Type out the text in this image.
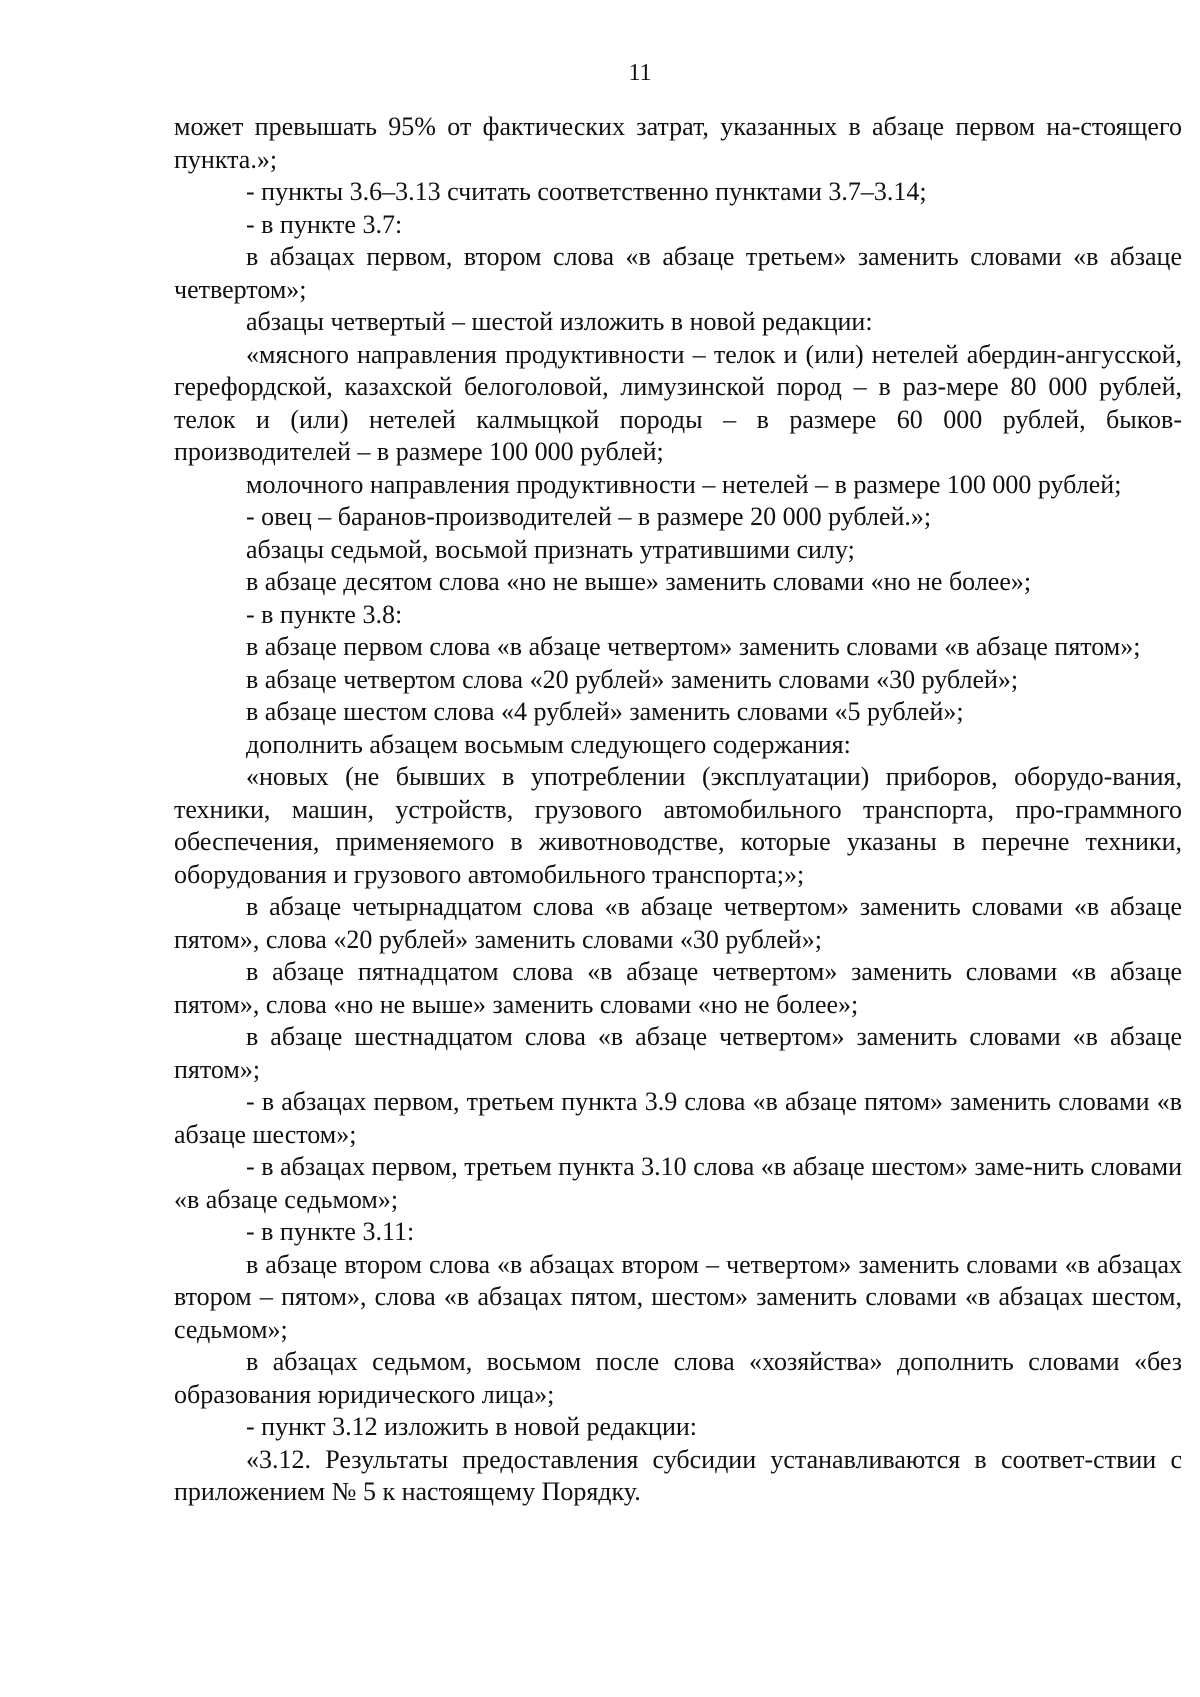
11

может превышать 95% от фактических затрат, указанных в абзаце первом на-стоящего пункта.»;

- пункты 3.6–3.13 считать соответственно пунктами 3.7–3.14;

- в пункте 3.7:

в абзацах первом, втором слова «в абзаце третьем» заменить словами «в абзаце четвертом»;

абзацы четвертый – шестой изложить в новой редакции:

«мясного направления продуктивности – телок и (или) нетелей абердин-ангусской, герефордской, казахской белоголовой, лимузинской пород – в раз-мере 80 000 рублей, телок и (или) нетелей калмыцкой породы – в размере 60 000 рублей, быков-производителей – в размере 100 000 рублей;

молочного направления продуктивности – нетелей – в размере 100 000 рублей;

- овец – баранов-производителей – в размере 20 000 рублей.»;

абзацы седьмой, восьмой признать утратившими силу;

в абзаце десятом слова «но не выше» заменить словами «но не более»;

- в пункте 3.8:

в абзаце первом слова «в абзаце четвертом» заменить словами «в абзаце пятом»;

в абзаце четвертом слова «20 рублей» заменить словами «30 рублей»;

в абзаце шестом слова «4 рублей» заменить словами «5 рублей»;

дополнить абзацем восьмым следующего содержания:

«новых (не бывших в употреблении (эксплуатации) приборов, оборудо-вания, техники, машин, устройств, грузового автомобильного транспорта, про-граммного обеспечения, применяемого в животноводстве, которые указаны в перечне техники, оборудования и грузового автомобильного транспорта;»;

в абзаце четырнадцатом слова «в абзаце четвертом» заменить словами «в абзаце пятом», слова «20 рублей» заменить словами «30 рублей»;

в абзаце пятнадцатом слова «в абзаце четвертом» заменить словами «в абзаце пятом», слова «но не выше» заменить словами «но не более»;

в абзаце шестнадцатом слова «в абзаце четвертом» заменить словами «в абзаце пятом»;

- в абзацах первом, третьем пункта 3.9 слова «в абзаце пятом» заменить словами «в абзаце шестом»;

- в абзацах первом, третьем пункта 3.10 слова «в абзаце шестом» заме-нить словами «в абзаце седьмом»;

- в пункте 3.11:

в абзаце втором слова «в абзацах втором – четвертом» заменить словами «в абзацах втором – пятом», слова «в абзацах пятом, шестом» заменить словами «в абзацах шестом, седьмом»;

в абзацах седьмом, восьмом после слова «хозяйства» дополнить словами «без образования юридического лица»;

- пункт 3.12 изложить в новой редакции:

«3.12. Результаты предоставления субсидии устанавливаются в соответ-ствии с приложением № 5 к настоящему Порядку.
